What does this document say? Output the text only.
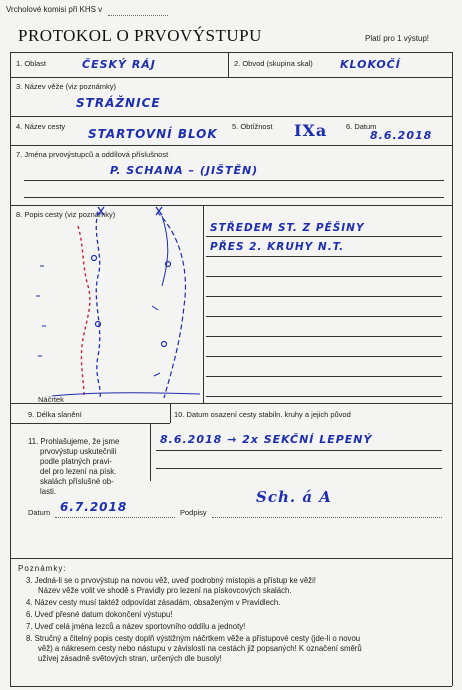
Vrcholové komisi při KHS v
PROTOKOL O PRVOVÝSTUPU	Platí pro 1 výstup!
1. Oblast	ČESKÝ RÁJ	2. Obvod (skupina skal) KLOKOČÍ
3. Název věže (viz poznámky)
STRÁŽNICE
4. Název cesty
STARTOVNÍ BLOK
5. Obtížnost IXa 6. Datum
8.6.2018
7. Jména prvovýstupců a oddílová příslušnost
P. SCHANA – (JIŠTĚN)
8. Popis cesty (viz poznámky)
STŘEDEM ST. Z PĚŠINY
PŘES 2. KRUHY N.T.
Náčrtek
9. Délka slanění	10. Datum osazení cesty stabiln. kruhy a jejich původ
8.6.2018 → 2x SEKČNÍ LEPENÝ
11. Prohlašujeme, že jsme
prvovýstup uskutečnili
podle platných pravi-
del pro lezení na písk.
skalách příslušné ob-
lasti.
Datum 6.7.2018	Podpisy
Sch. á A
Poznámky:
3. Jedná-li se o prvovýstup na novou věž, uveď podrobný místopis a přístup ke věži!
Název věže volit ve shodě s Pravidly pro lezení na pískovcových skalách.
4. Název cesty musí taktéž odpovídat zásadám, obsaženým v Pravidlech.
6. Uveď přesné datum dokončení výstupu!
7. Uveď celá jména lezců a název sportovního oddílu a jednoty!
8. Stručný a čitelný popis cesty doplň výstižným náčrtkem věže a přístupové cesty (jde-li o novou
věž) a nákresem cesty nebo nástupu v závislosti na cestách již popsaných! K označení směrů
užívej zásadně světových stran, určených dle busoly!
